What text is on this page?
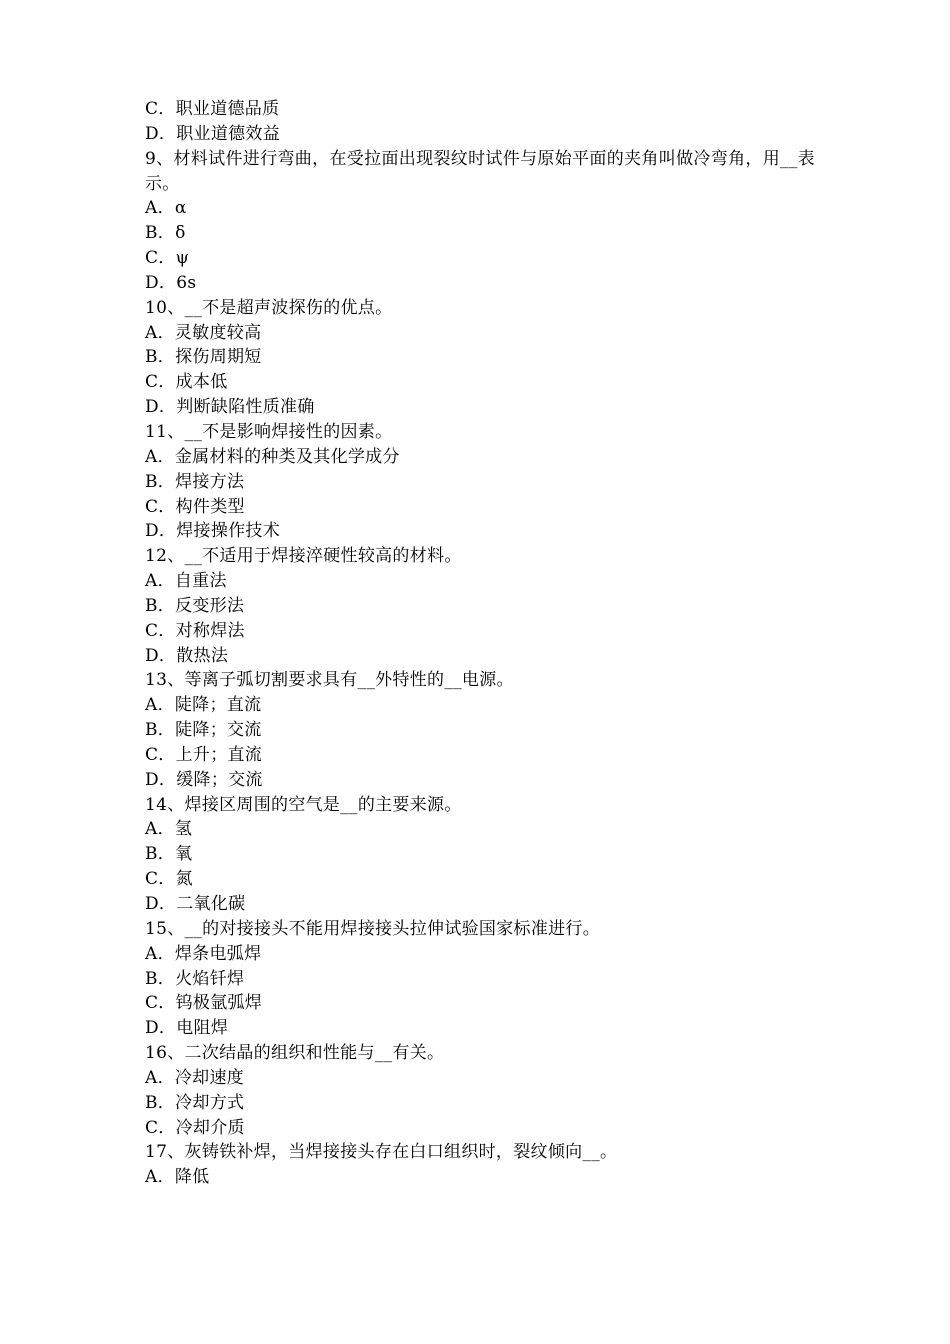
C．职业道德品质
D．职业道德效益
9、材料试件进行弯曲，在受拉面出现裂纹时试件与原始平面的夹角叫做冷弯角，用__表示。
A．α
B．δ
C．ψ
D．6s
10、__不是超声波探伤的优点。
A．灵敏度较高
B．探伤周期短
C．成本低
D．判断缺陷性质准确
11、__不是影响焊接性的因素。
A．金属材料的种类及其化学成分
B．焊接方法
C．构件类型
D．焊接操作技术
12、__不适用于焊接淬硬性较高的材料。
A．自重法
B．反变形法
C．对称焊法
D．散热法
13、等离子弧切割要求具有__外特性的__电源。
A．陡降；直流
B．陡降；交流
C．上升；直流
D．缓降；交流
14、焊接区周围的空气是__的主要来源。
A．氢
B．氧
C．氮
D．二氧化碳
15、__的对接接头不能用焊接接头拉伸试验国家标准进行。
A．焊条电弧焊
B．火焰钎焊
C．钨极氩弧焊
D．电阻焊
16、二次结晶的组织和性能与__有关。
A．冷却速度
B．冷却方式
C．冷却介质
17、灰铸铁补焊，当焊接接头存在白口组织时，裂纹倾向__。
A．降低
